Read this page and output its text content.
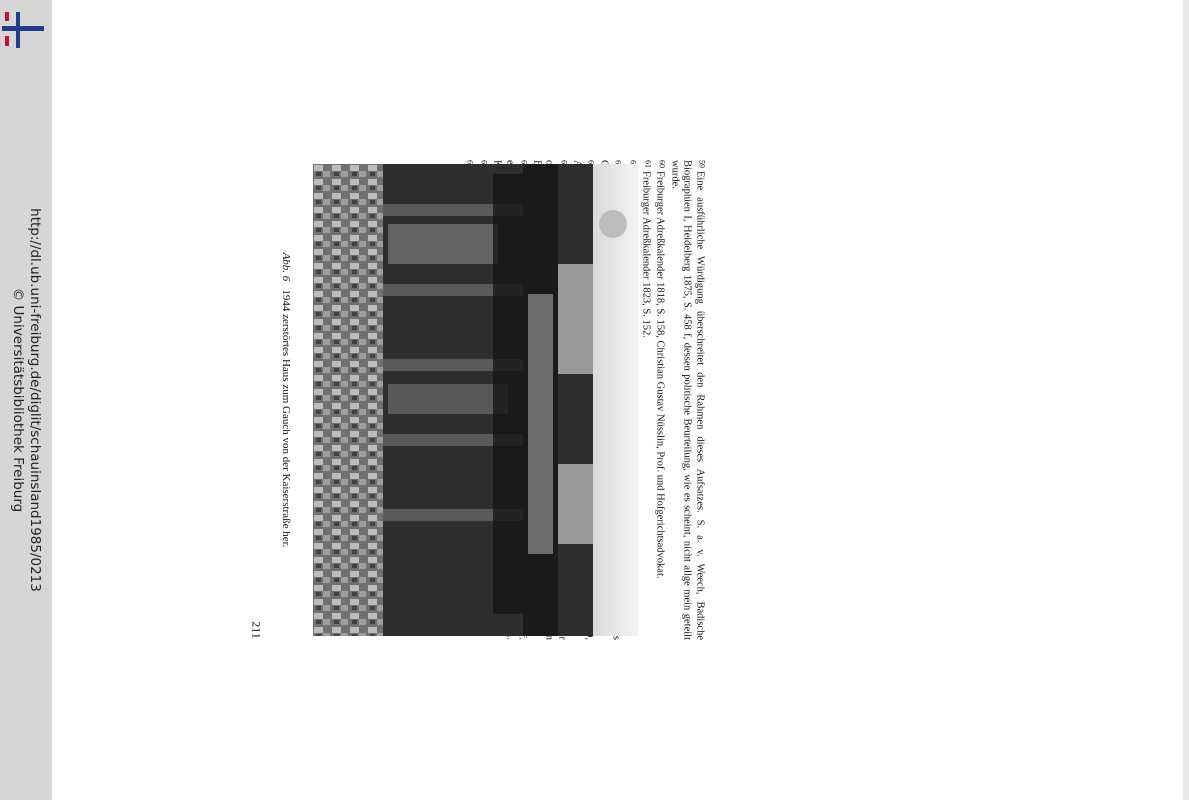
http://dl.ub.uni-freiburg.de/diglit/schauinsland1985/0213
© Universitätsbibliothek Freiburg

59Eine ausführliche Würdigung überschreitet den Rahmen dieses Aufsatzes. S. a. v. Weech, Badische Biographien I, Heidelberg 1875, S. 458 f, dessen politische Beurteilung, wie es scheint, nicht allge mein geteilt wurde.

60Freiburger Adreßkalender 1818, S. 158, Christian Gustav Nüsslin, Prof. und Hofgerichtsadvokat.

61Freiburger Adreßkalender 1823, S. 152.

Abb. 61944 zerstörtes Haus zum Gauch von der Kaiserstraße her.
211
